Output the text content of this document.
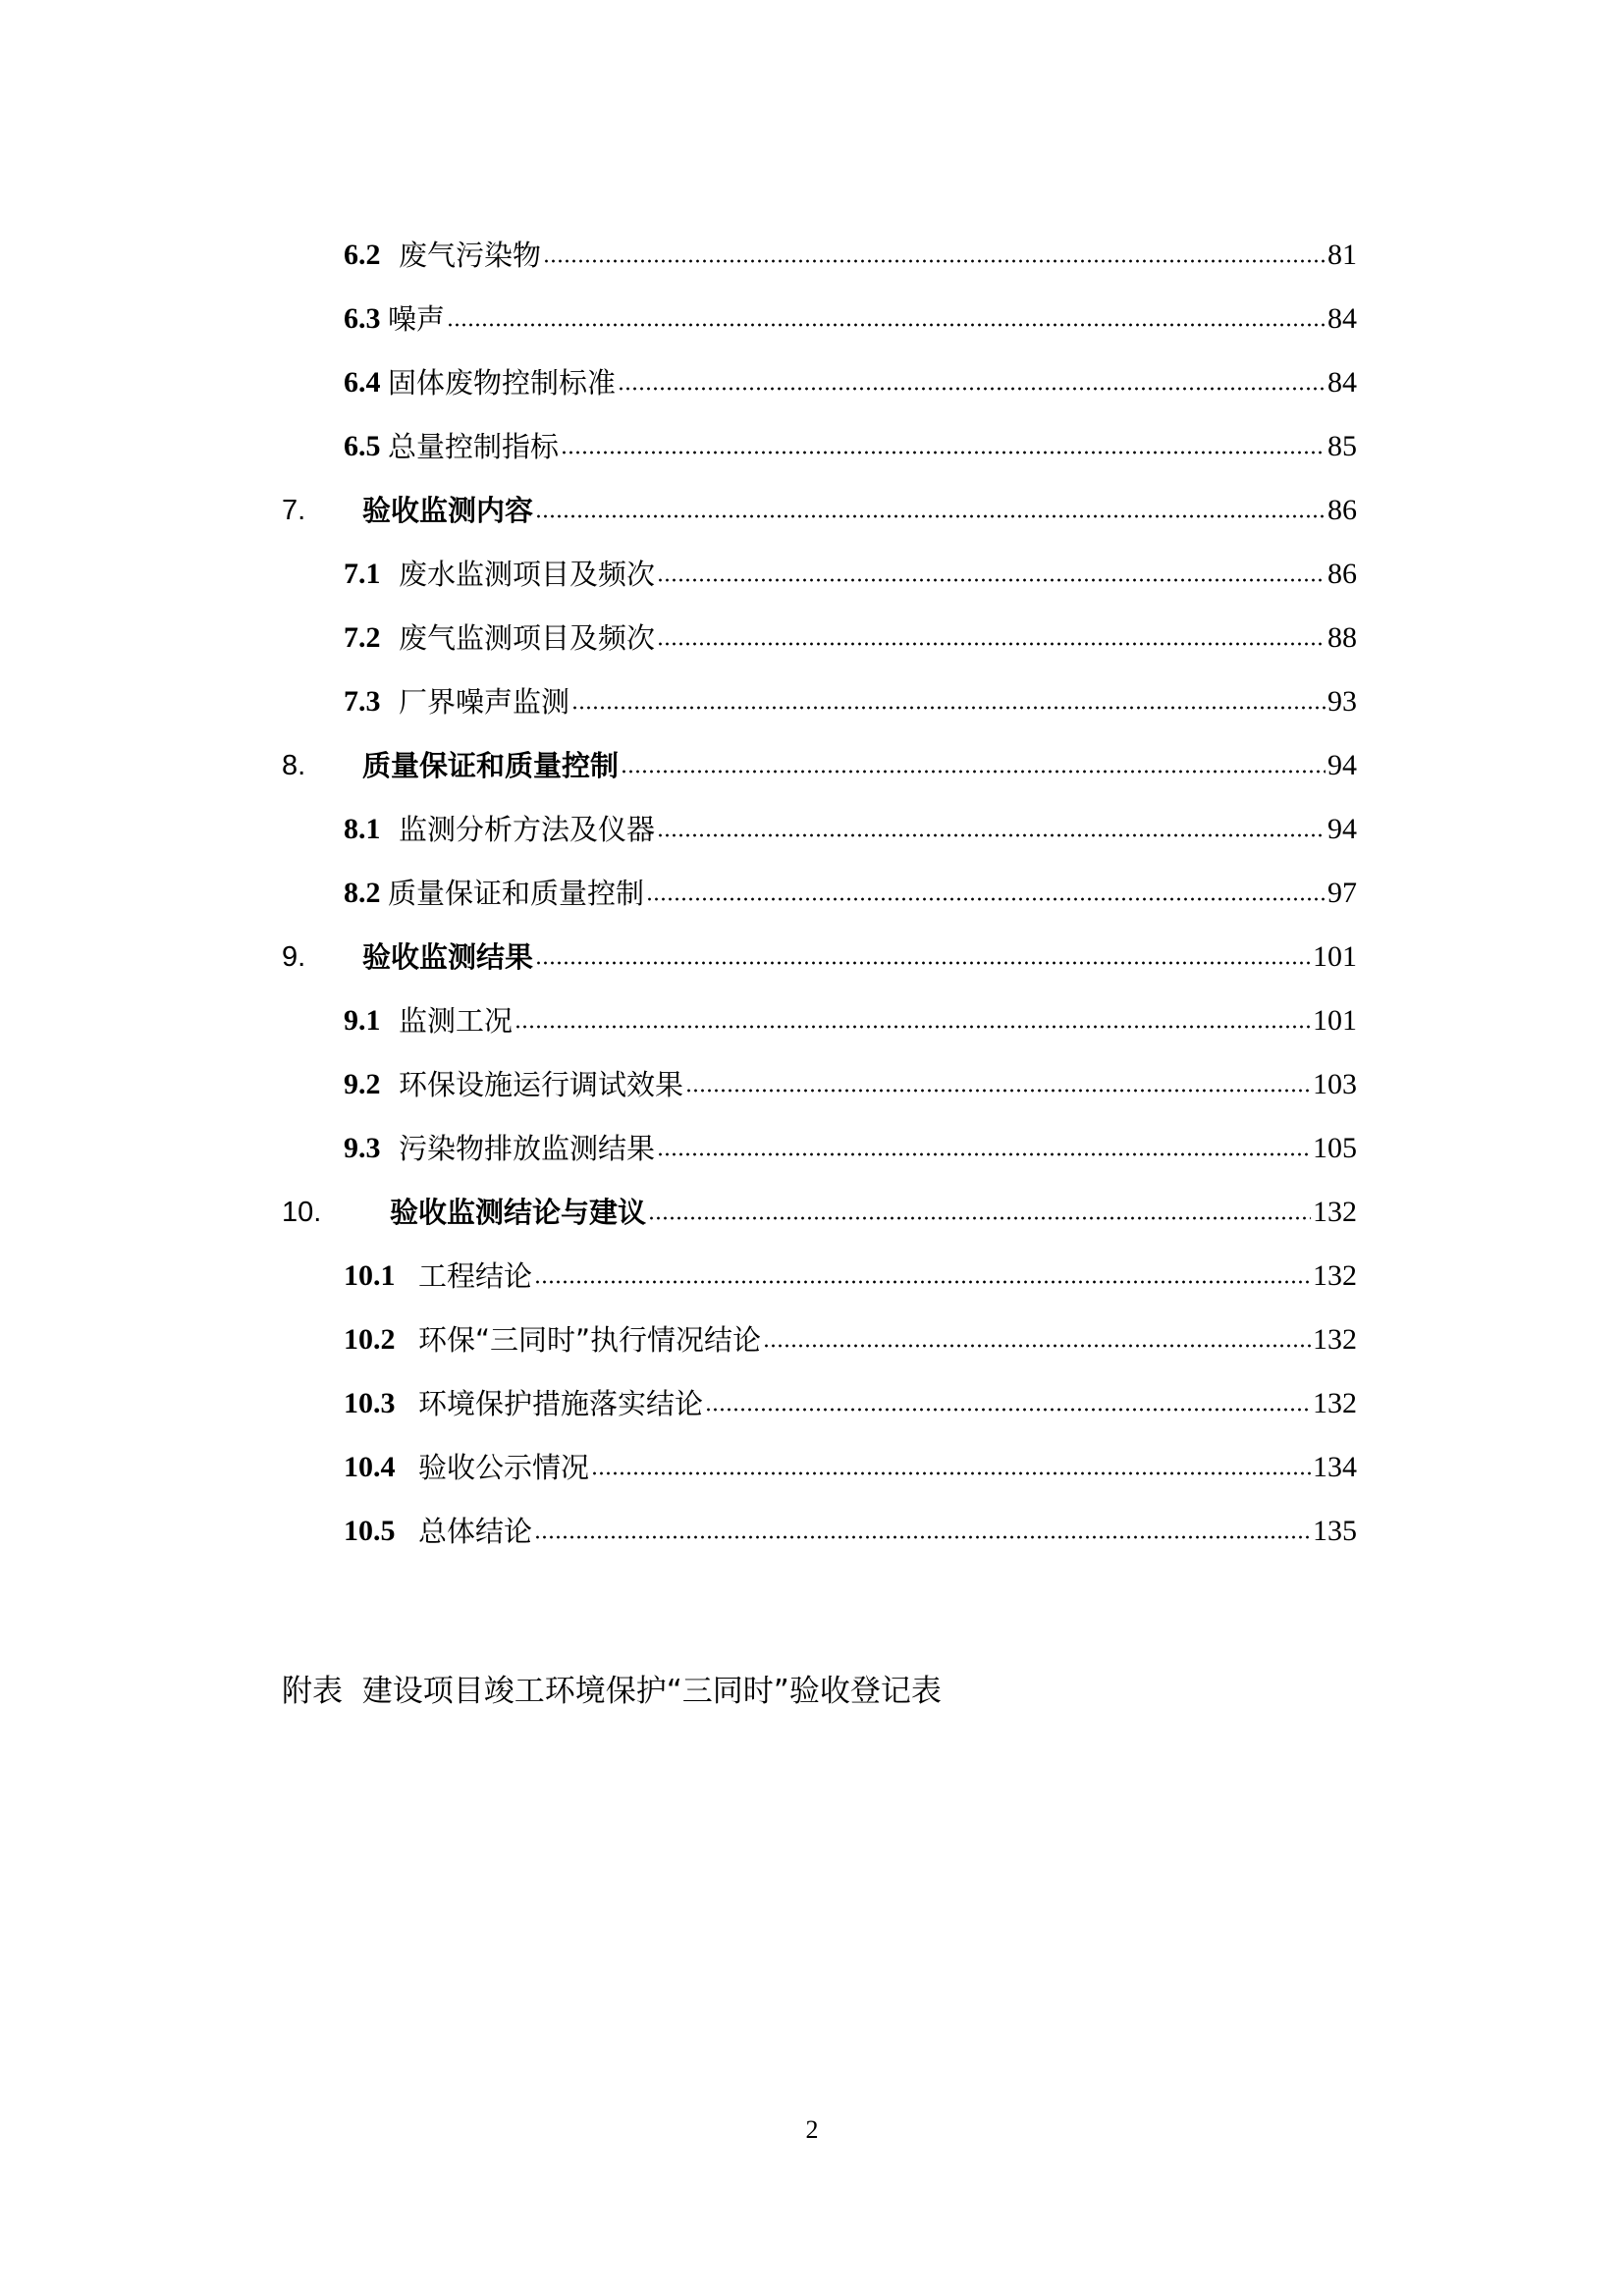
6.2 废气污染物	81
6.3 噪声	84
6.4 固体废物控制标准	84
6.5 总量控制指标	85
7.	验收监测内容	86
7.1 废水监测项目及频次	86
7.2 废气监测项目及频次	88
7.3 厂界噪声监测	93
8.	质量保证和质量控制	94
8.1 监测分析方法及仪器	94
8.2 质量保证和质量控制	97
9.	验收监测结果	101
9.1 监测工况	101
9.2 环保设施运行调试效果	103
9.3 污染物排放监测结果	105
10.	验收监测结论与建议	132
10.1 工程结论	132
10.2 环保“三同时”执行情况结论	132
10.3 环境保护措施落实结论	132
10.4 验收公示情况	134
10.5 总体结论	135
附表  建设项目竣工环境保护“三同时”验收登记表
2
